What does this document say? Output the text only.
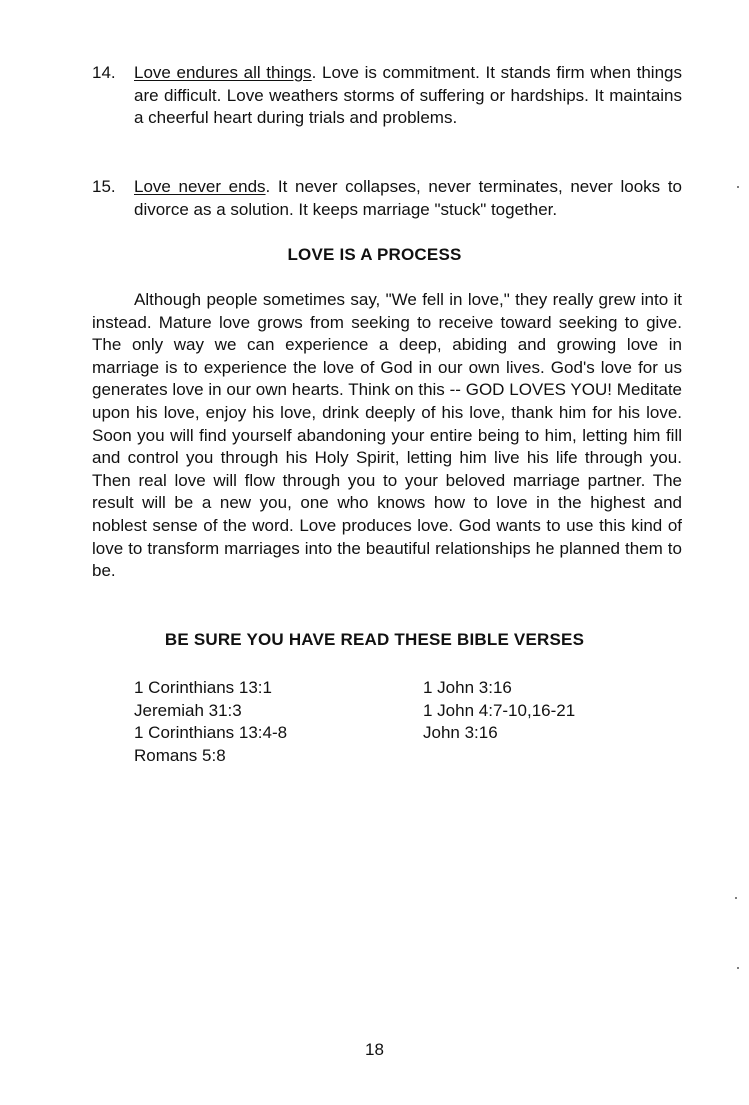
14.	Love endures all things. Love is commitment. It stands firm when things are difficult. Love weathers storms of suffering or hardships. It maintains a cheerful heart during trials and problems.
15.	Love never ends. It never collapses, never terminates, never looks to divorce as a solution. It keeps marriage "stuck" together.
LOVE IS A PROCESS

Although people sometimes say, "We fell in love," they really grew into it instead. Mature love grows from seeking to receive toward seeking to give. The only way we can experience a deep, abiding and growing love in marriage is to experience the love of God in our own lives. God's love for us generates love in our own hearts. Think on this -- GOD LOVES YOU! Meditate upon his love, enjoy his love, drink deeply of his love, thank him for his love. Soon you will find yourself abandoning your entire being to him, letting him fill and control you through his Holy Spirit, letting him live his life through you. Then real love will flow through you to your beloved marriage partner. The result will be a new you, one who knows how to love in the highest and noblest sense of the word. Love produces love. God wants to use this kind of love to transform marriages into the beautiful relationships he planned them to be.

BE SURE YOU HAVE READ THESE BIBLE VERSES
1 Corinthians 13:1
Jeremiah 31:3
1 Corinthians 13:4-8
Romans 5:8
1 John 3:16
1 John 4:7-10,16-21
John 3:16
18
